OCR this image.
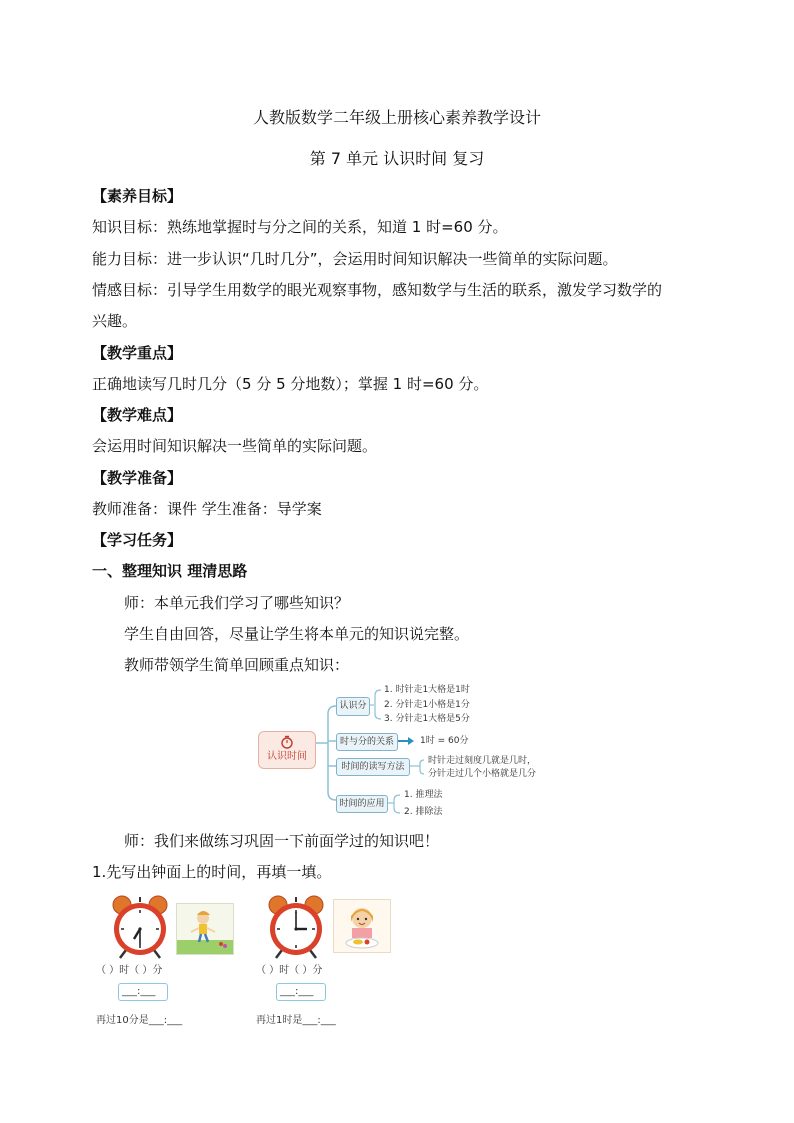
人教版数学二年级上册核心素养教学设计
第 7 单元 认识时间 复习
【素养目标】
知识目标：熟练地掌握时与分之间的关系，知道 1 时=60 分。
能力目标：进一步认识“几时几分”，会运用时间知识解决一些简单的实际问题。
情感目标：引导学生用数学的眼光观察事物，感知数学与生活的联系，激发学习数学的
兴趣。
【教学重点】
正确地读写几时几分（5 分 5 分地数）；掌握 1 时=60 分。
【教学难点】
会运用时间知识解决一些简单的实际问题。
【教学准备】
教师准备：课件 学生准备：导学案
【学习任务】
一、整理知识 理清思路
师：本单元我们学习了哪些知识？
学生自由回答，尽量让学生将本单元的知识说完整。
教师带领学生简单回顾重点知识：
认识时间
认识分
1. 时针走1大格是1时
2. 分针走1小格是1分
3. 分针走1大格是5分
时与分的关系	1时 = 60分
时间的读写方法
时针走过刻度几就是几时，
分针走过几个小格就是几分
时间的应用
1. 推理法
2. 排除法
师：我们来做练习巩固一下前面学过的知识吧！
1.先写出钟面上的时间，再填一填。
（ ）时（ ）分
___:___
再过10分是___:___
（ ）时（ ）分
___:___
再过1时是___:___
